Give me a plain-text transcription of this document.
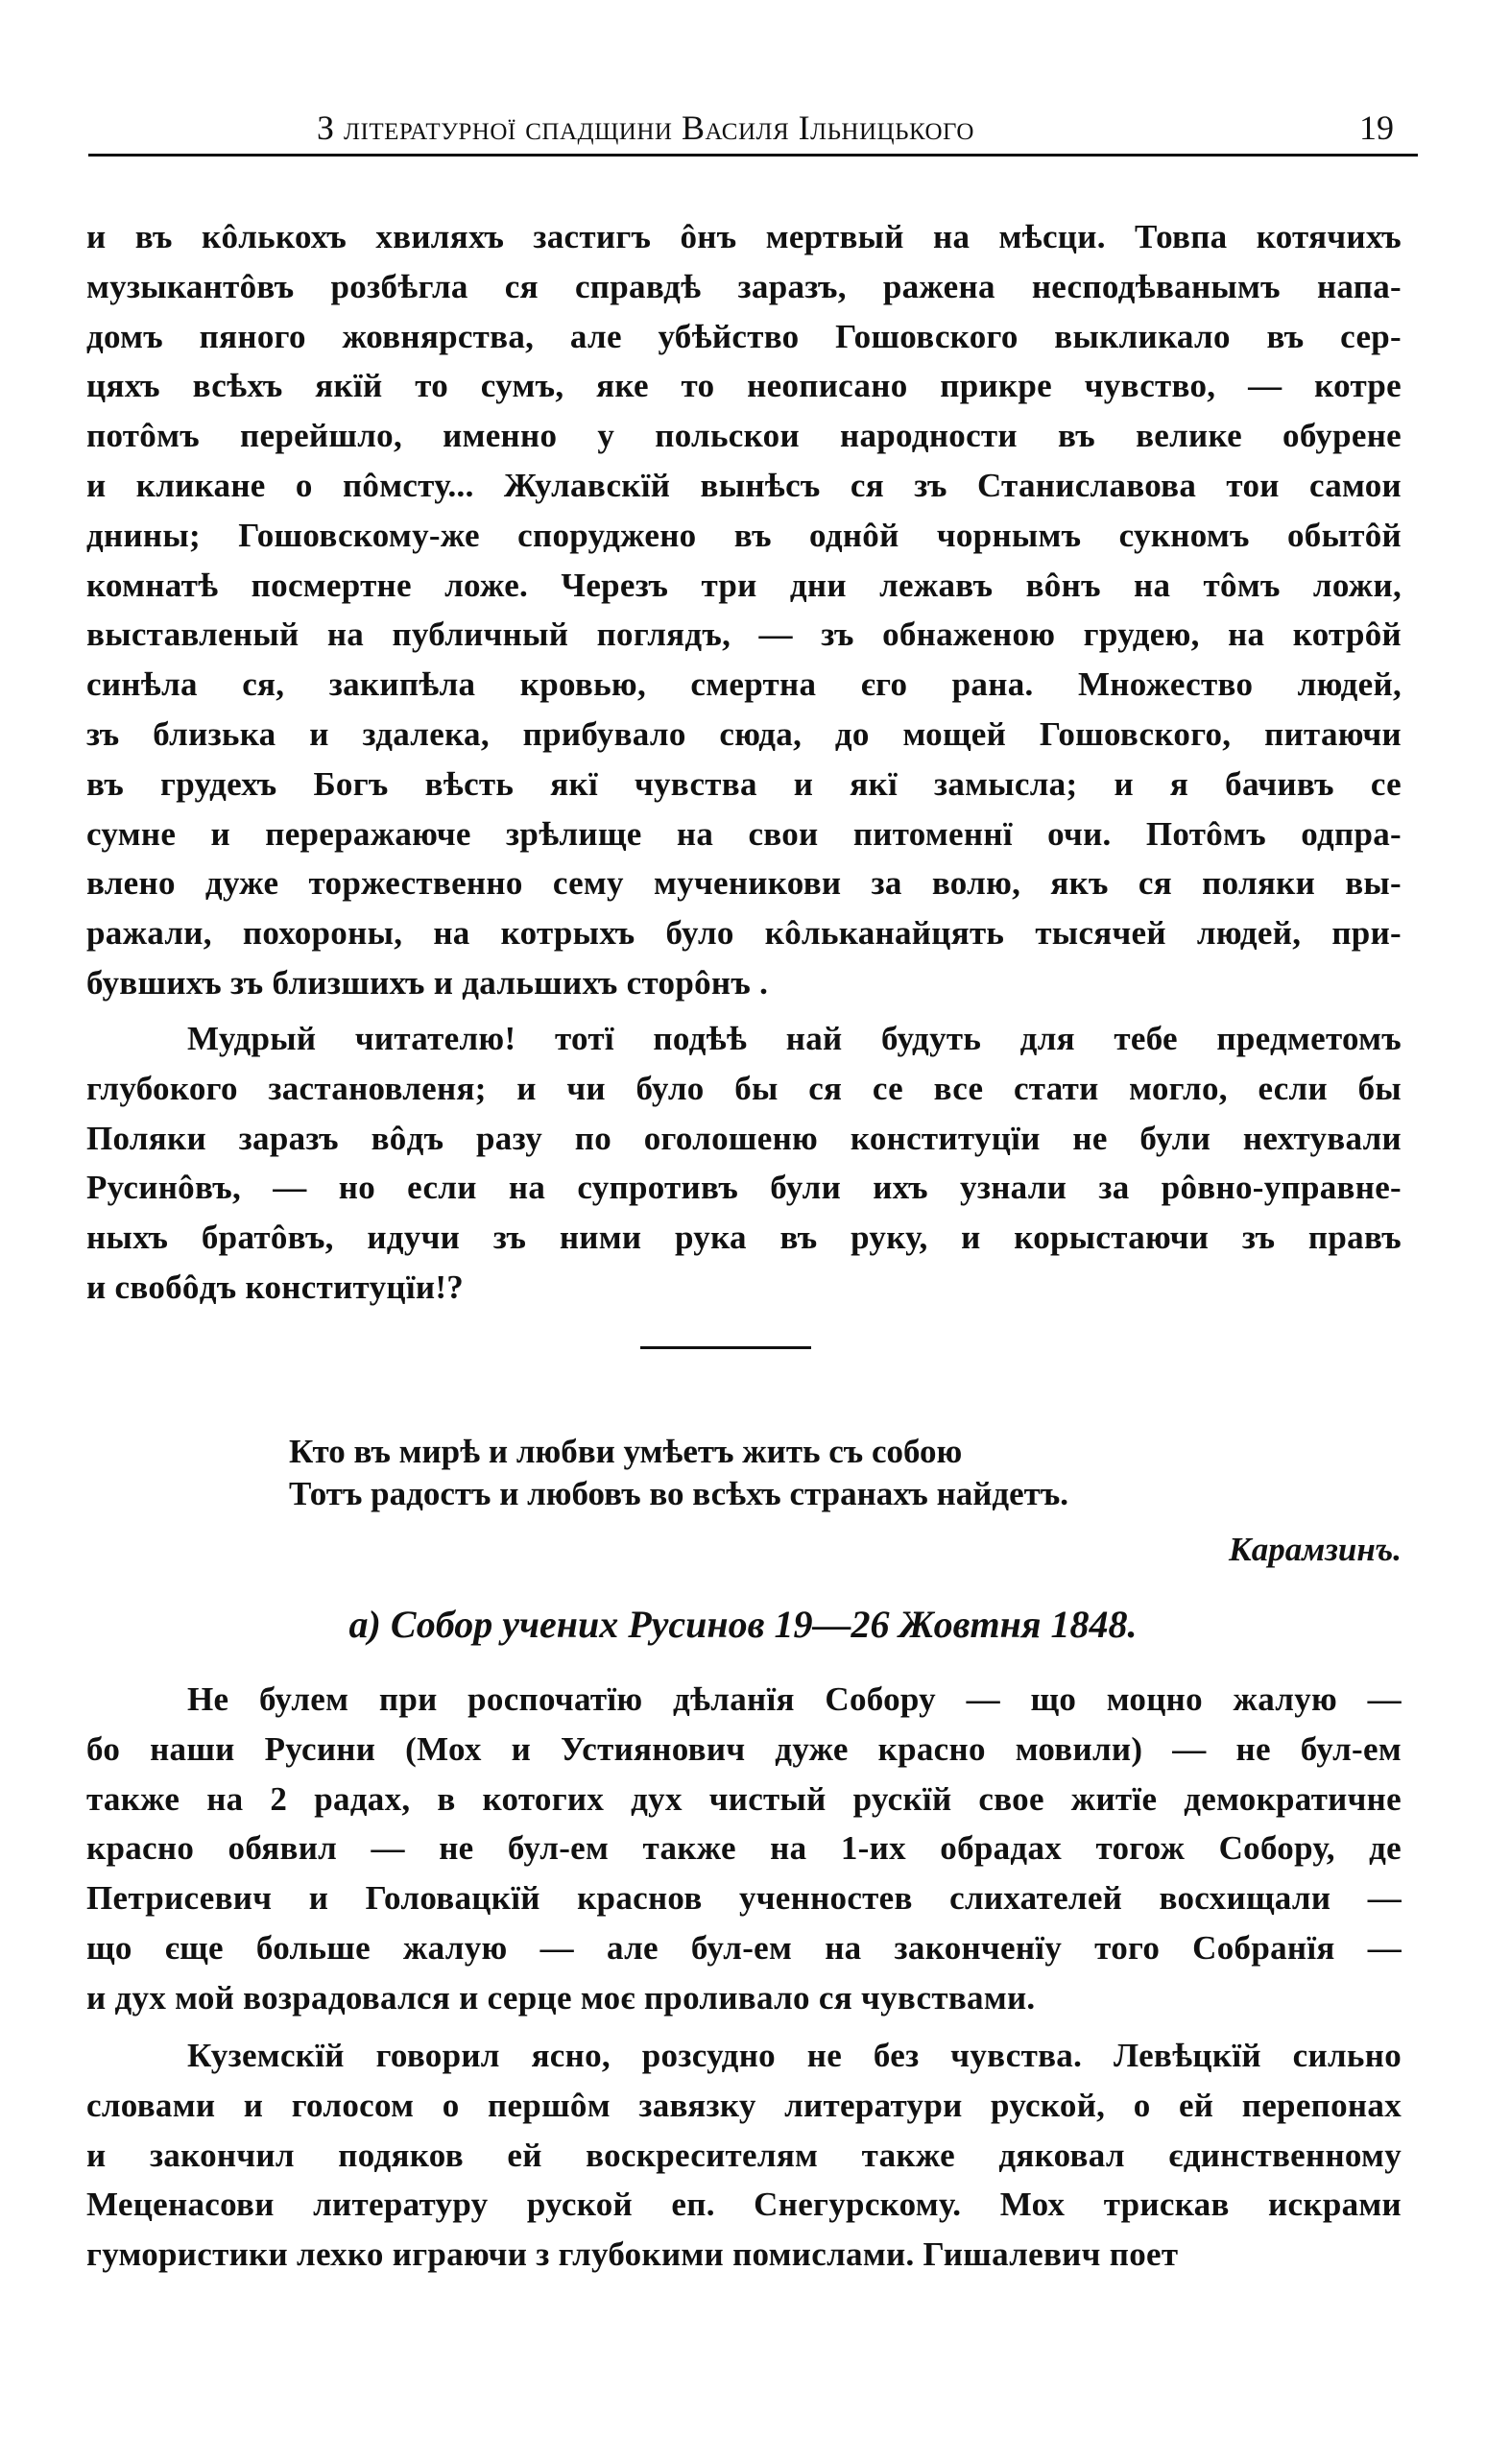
З літературної спадщини Василя Ільницького	19
и въ кôлькохъ хвиляхъ застигъ ôнъ мертвый на мѣсци. Товпа котячихъ
музыкантôвъ розбѣгла ся справдѣ заразъ, ражена несподѣванымъ напа-
домъ пяного жовнярства, але убѣйство Гошовского выкликало въ сер-
цяхъ всѣхъ якïй то сумъ, яке то неописано прикре чувство, — котре
потôмъ перейшло, именно у польскои народности въ велике обурене
и кликане о пôмсту... Жулавскïй вынѣсъ ся зъ Станиславова тои самои
днины; Гошовскому-же споруджено въ однôй чорнымъ сукномъ обытôй
комнатѣ посмертне ложе. Черезъ три дни лежавъ вôнъ на тôмъ ложи,
выставленый на публичный поглядъ, — зъ обнаженою грудею, на котрôй
синѣла ся, закипѣла кровью, смертна єго рана. Множество людей,
зъ близька и здалека, прибувало сюда, до мощей Гошовского, питаючи
въ грудехъ Богъ вѣсть якï чувства и якï замысла; и я бачивъ се
сумне и перерaжаюче зрѣлище на свои питоменнï очи. Потôмъ одпра-
влено дуже торжественно сему мученикови за волю, якъ ся поляки вы-
ражали, похороны, на котрыхъ було кôльканайцять тысячей людей, при-
бувшихъ зъ близшихъ и дальшихъ сторôнъ .
Мудрый читателю! тотï подѣѣ най будуть для тебе предметомъ
глубокого застановленя; и чи було бы ся се все стати могло, если бы
Поляки заразъ вôдъ разу по оголошеню конституцïи не були нехтували
Русинôвъ, — но если на супротивъ були ихъ узнали за рôвно-управне-
ныхъ братôвъ, идучи зъ ними рука въ руку, и корыстаючи зъ правъ
и свобôдъ конституцïи!?
Кто въ мирѣ и любви умѣетъ жить съ собою
Тотъ радостъ и любовъ во всѣхъ странахъ найдетъ.
Карамзинъ.
а) Собор учених Русинов 19—26 Жовтня 1848.
Не булем при роспочатïю дѣланïя Собору — що моцно жалую —
бо наши Русини (Мох и Устиянович дуже красно мовили) — не бул-ем
также на 2 радах, в котогих дух чистый рускïй свое житïе демократичне
красно обявил — не бул-ем также на 1-их обрадах тогож Собору, де
Петрисевич и Головацкïй краснов ученностев слихателей восхищали —
що єще больше жалую — але бул-ем на законченïу того Собранïя —
и дух мой возрадовался и серце моє проливало ся чувствами.
Куземскïй говорил ясно, розсудно не без чувства. Левѣцкïй сильно
словами и голосом о першôм завязку литератури руской, о ей перепонах
и закончил подяков ей воскресителям также дяковал єдинственному
Меценасови литературу руской еп. Снегурскому. Мох трискав искрами
гумористики лехко играючи з глубокими помислами. Гишалевич поет
